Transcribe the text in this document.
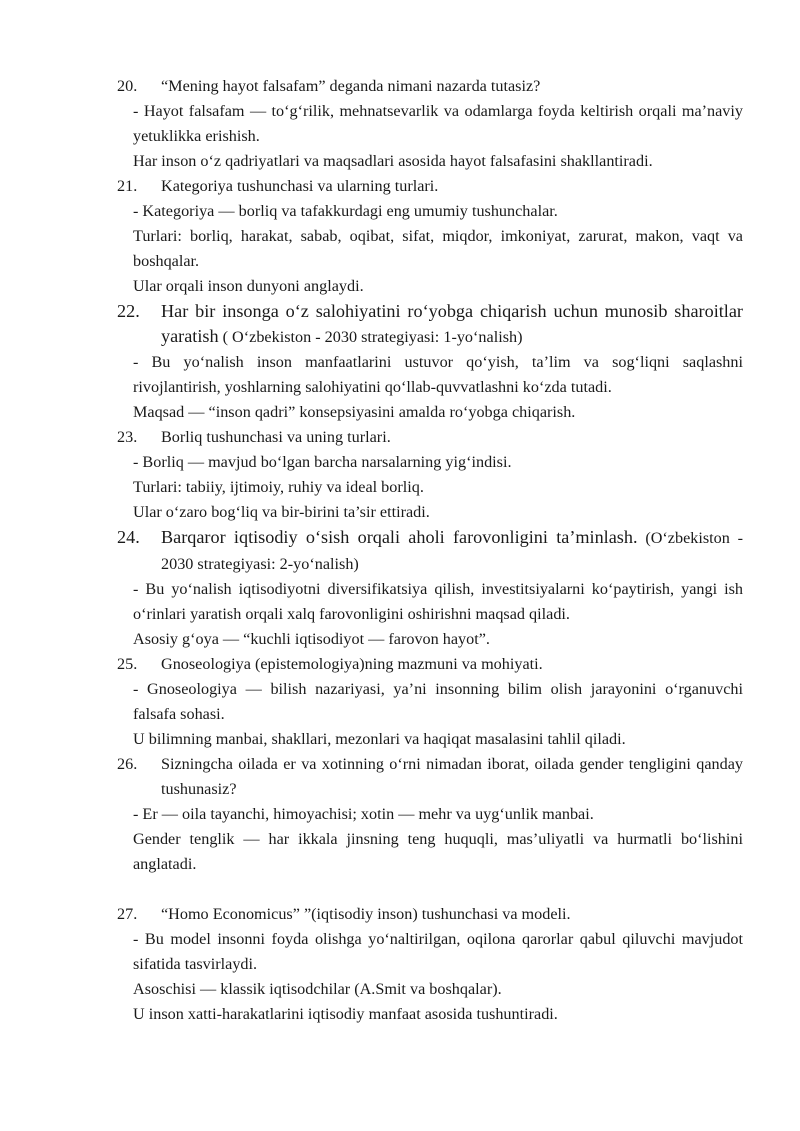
20.	“Mening hayot falsafam” deganda nimani nazarda tutasiz?
- Hayot falsafam — to‘g‘rilik, mehnatsevarlik va odamlarga foyda keltirish orqali ma’naviy yetuklikka erishish.
Har inson o‘z qadriyatlari va maqsadlari asosida hayot falsafasini shakllantiradi.
21.	Kategoriya tushunchasi va ularning turlari.
- Kategoriya — borliq va tafakkurdagi eng umumiy tushunchalar.
Turlari: borliq, harakat, sabab, oqibat, sifat, miqdor, imkoniyat, zarurat, makon, vaqt va boshqalar.
Ular orqali inson dunyoni anglaydi.
22.	Har bir insonga o‘z salohiyatini ro‘yobga chiqarish uchun munosib sharoitlar yaratish ( O‘zbekiston - 2030 strategiyasi: 1-yo‘nalish)
- Bu yo‘nalish inson manfaatlarini ustuvor qo‘yish, ta’lim va sog‘liqni saqlashni rivojlantirish, yoshlarning salohiyatini qo‘llab-quvvatlashni ko‘zda tutadi.
Maqsad — “inson qadri” konsepsiyasini amalda ro‘yobga chiqarish.
23.	Borliq tushunchasi va uning turlari.
- Borliq — mavjud bo‘lgan barcha narsalarning yig‘indisi.
Turlari: tabiiy, ijtimoiy, ruhiy va ideal borliq.
Ular o‘zaro bog‘liq va bir-birini ta’sir ettiradi.
24.	Barqaror iqtisodiy o‘sish orqali aholi farovonligini ta’minlash. (O‘zbekiston - 2030 strategiyasi: 2-yo‘nalish)
- Bu yo‘nalish iqtisodiyotni diversifikatsiya qilish, investitsiyalarni ko‘paytirish, yangi ish o‘rinlari yaratish orqali xalq farovonligini oshirishni maqsad qiladi.
Asosiy g‘oya — “kuchli iqtisodiyot — farovon hayot”.
25.	Gnoseologiya (epistemologiya)ning mazmuni va mohiyati.
- Gnoseologiya — bilish nazariyasi, ya’ni insonning bilim olish jarayonini o‘rganuvchi falsafa sohasi.
U bilimning manbai, shakllari, mezonlari va haqiqat masalasini tahlil qiladi.
26.	Sizningcha oilada er va xotinning o‘rni nimadan iborat, oilada gender tengligini qanday tushunasiz?
- Er — oila tayanchi, himoyachisi; xotin — mehr va uyg‘unlik manbai.
Gender tenglik — har ikkala jinsning teng huquqli, mas’uliyatli va hurmatli bo‘lishini anglatadi.
27.	“Homo Economicus” ”(iqtisodiy inson) tushunchasi va modeli.
- Bu model insonni foyda olishga yo‘naltirilgan, oqilona qarorlar qabul qiluvchi mavjudot sifatida tasvirlaydi.
Asoschisi — klassik iqtisodchilar (A.Smit va boshqalar).
U inson xatti-harakatlarini iqtisodiy manfaat asosida tushuntiradi.
